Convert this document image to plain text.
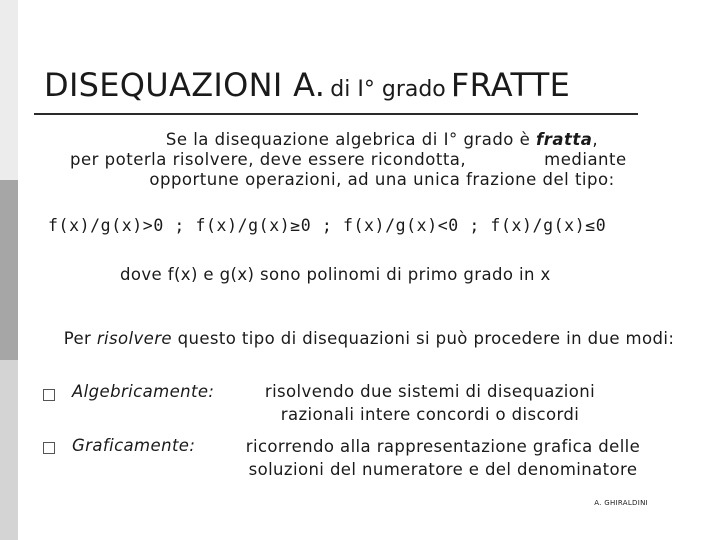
DISEQUAZIONI A. di I° grado FRATTE
Se la disequazione algebrica di I° grado è fratta,
per poterla risolvere, deve essere ricondotta,	mediante
opportune operazioni, ad una unica frazione del tipo:
f(x)/g(x)>0 ; f(x)/g(x)≥0 ; f(x)/g(x)<0 ; f(x)/g(x)≤0
dove f(x) e g(x) sono polinomi di primo grado in x
Per risolvere questo tipo di disequazioni si può procedere in due modi:
Algebricamente:	risolvendo due sistemi di disequazioni
razionali intere concordi o discordi
Graficamente:	ricorrendo alla rappresentazione grafica delle
soluzioni del numeratore e del denominatore
A. GHIRALDINI
